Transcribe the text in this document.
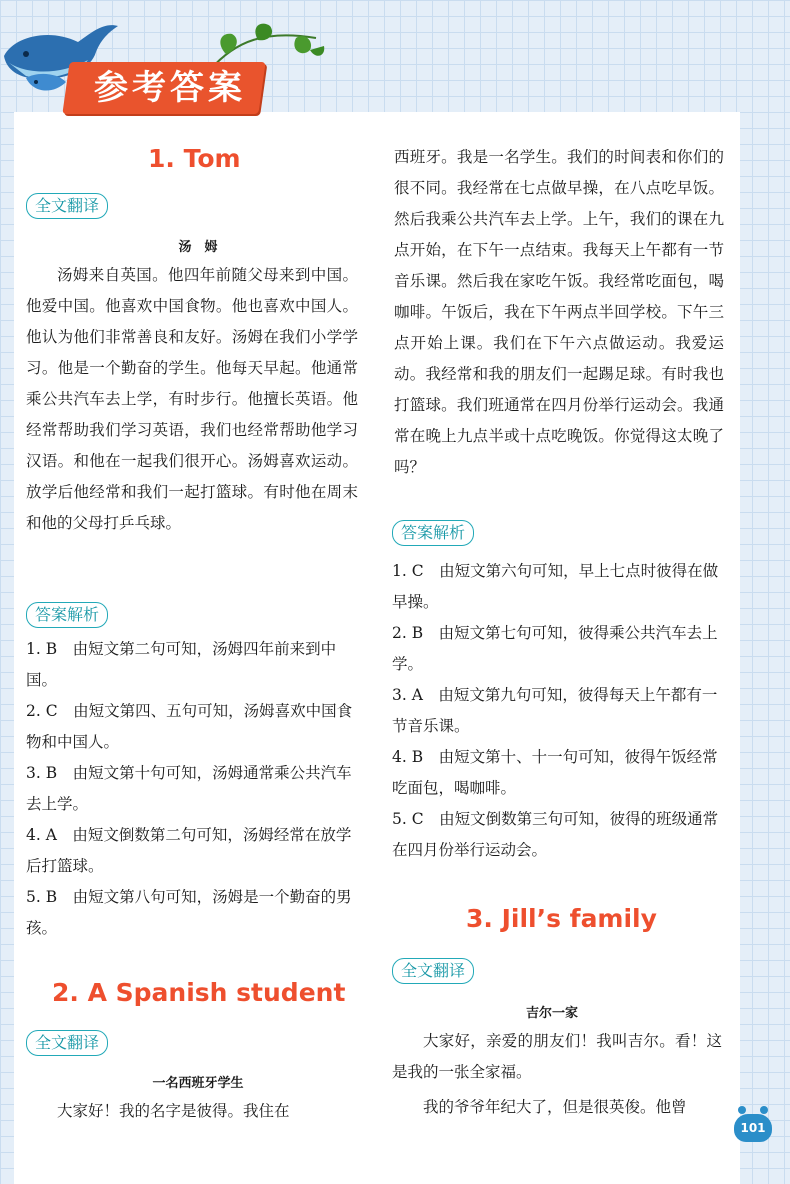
参考答案
1. Tom
全文翻译
汤　姆

汤姆来自英国。他四年前随父母来到中国。他爱中国。他喜欢中国食物。他也喜欢中国人。他认为他们非常善良和友好。汤姆在我们小学学习。他是一个勤奋的学生。他每天早起。他通常乘公共汽车去上学，有时步行。他擅长英语。他经常帮助我们学习英语，我们也经常帮助他学习汉语。和他在一起我们很开心。汤姆喜欢运动。放学后他经常和我们一起打篮球。有时他在周末和他的父母打乒乓球。

答案解析
1. B　由短文第二句可知，汤姆四年前来到中国。
2. C　由短文第四、五句可知，汤姆喜欢中国食物和中国人。
3. B　由短文第十句可知，汤姆通常乘公共汽车去上学。
4. A　由短文倒数第二句可知，汤姆经常在放学后打篮球。
5. B　由短文第八句可知，汤姆是一个勤奋的男孩。
2. A Spanish student
全文翻译
一名西班牙学生

大家好！我的名字是彼得。我住在

西班牙。我是一名学生。我们的时间表和你们的很不同。我经常在七点做早操，在八点吃早饭。然后我乘公共汽车去上学。上午，我们的课在九点开始，在下午一点结束。我每天上午都有一节音乐课。然后我在家吃午饭。我经常吃面包，喝咖啡。午饭后，我在下午两点半回学校。下午三点开始上课。我们在下午六点做运动。我爱运动。我经常和我的朋友们一起踢足球。有时我也打篮球。我们班通常在四月份举行运动会。我通常在晚上九点半或十点吃晚饭。你觉得这太晚了吗？

答案解析
1. C　由短文第六句可知，早上七点时彼得在做早操。
2. B　由短文第七句可知，彼得乘公共汽车去上学。
3. A　由短文第九句可知，彼得每天上午都有一节音乐课。
4. B　由短文第十、十一句可知，彼得午饭经常吃面包，喝咖啡。
5. C　由短文倒数第三句可知，彼得的班级通常在四月份举行运动会。
3. Jill’s family
全文翻译
吉尔一家

大家好，亲爱的朋友们！我叫吉尔。看！这是我的一张全家福。

我的爷爷年纪大了，但是很英俊。他曾

101
